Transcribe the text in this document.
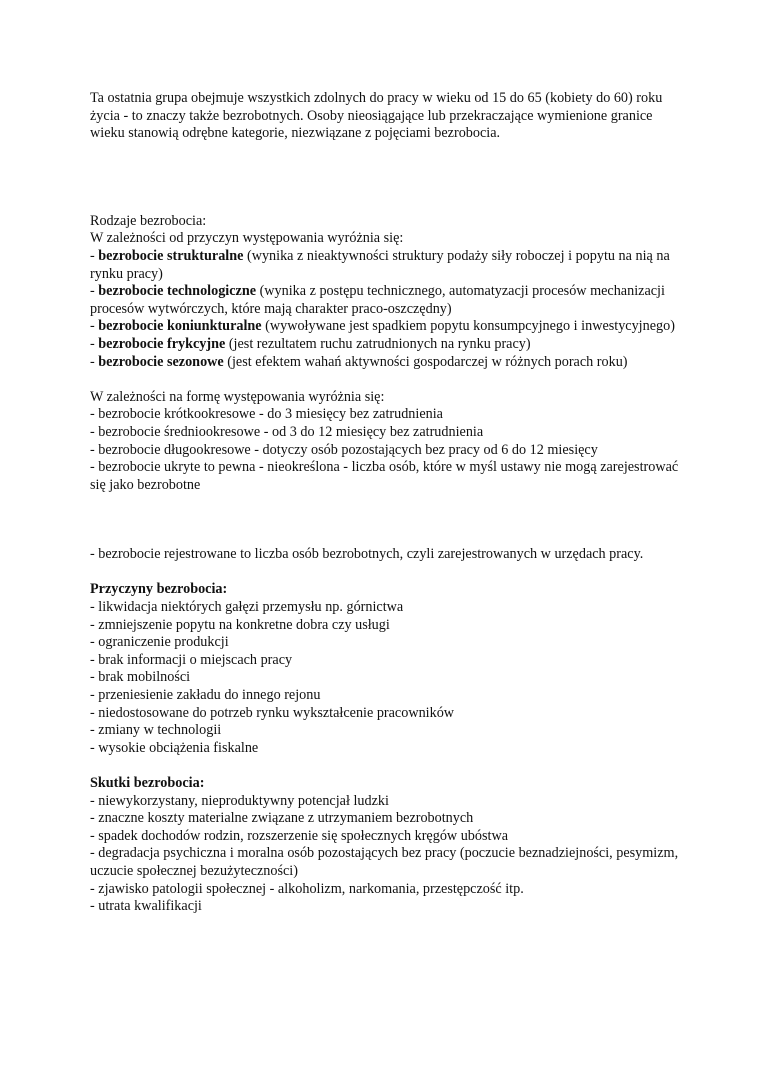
Ta ostatnia grupa obejmuje wszystkich zdolnych do pracy w wieku od 15 do 65 (kobiety do 60) roku życia - to znaczy także bezrobotnych. Osoby nieosiągające lub przekraczające wymienione granice wieku stanowią odrębne kategorie, niezwiązane z pojęciami bezrobocia.

Rodzaje bezrobocia:

W zależności od przyczyn występowania wyróżnia się:

- bezrobocie strukturalne (wynika z nieaktywności struktury podaży siły roboczej i popytu na nią na rynku pracy)

- bezrobocie technologiczne (wynika z postępu technicznego, automatyzacji procesów mechanizacji procesów wytwórczych, które mają charakter praco-oszczędny)

- bezrobocie koniunkturalne (wywoływane jest spadkiem popytu konsumpcyjnego i inwestycyjnego)

- bezrobocie frykcyjne (jest rezultatem ruchu zatrudnionych na rynku pracy)

- bezrobocie sezonowe (jest efektem wahań aktywności gospodarczej w różnych porach roku)

W zależności na formę występowania wyróżnia się:

- bezrobocie krótkookresowe - do 3 miesięcy bez zatrudnienia

- bezrobocie średniookresowe - od 3 do 12 miesięcy bez zatrudnienia

- bezrobocie długookresowe - dotyczy osób pozostających bez pracy od 6 do 12 miesięcy

- bezrobocie ukryte to pewna - nieokreślona - liczba osób, które w myśl ustawy nie mogą zarejestrować się jako bezrobotne

- bezrobocie rejestrowane to liczba osób bezrobotnych, czyli zarejestrowanych w urzędach pracy.

Przyczyny bezrobocia:

- likwidacja niektórych gałęzi przemysłu np. górnictwa

- zmniejszenie popytu na konkretne dobra czy usługi

- ograniczenie produkcji

- brak informacji o miejscach pracy

- brak mobilności

- przeniesienie zakładu do innego rejonu

- niedostosowane do potrzeb rynku wykształcenie pracowników

- zmiany w technologii

- wysokie obciążenia fiskalne

Skutki bezrobocia:

- niewykorzystany, nieproduktywny potencjał ludzki

- znaczne koszty materialne związane z utrzymaniem bezrobotnych

- spadek dochodów rodzin, rozszerzenie się społecznych kręgów ubóstwa

- degradacja psychiczna i moralna osób pozostających bez pracy (poczucie beznadziejności, pesymizm, uczucie społecznej bezużyteczności)

- zjawisko patologii społecznej - alkoholizm, narkomania, przestępczość itp.

- utrata kwalifikacji
